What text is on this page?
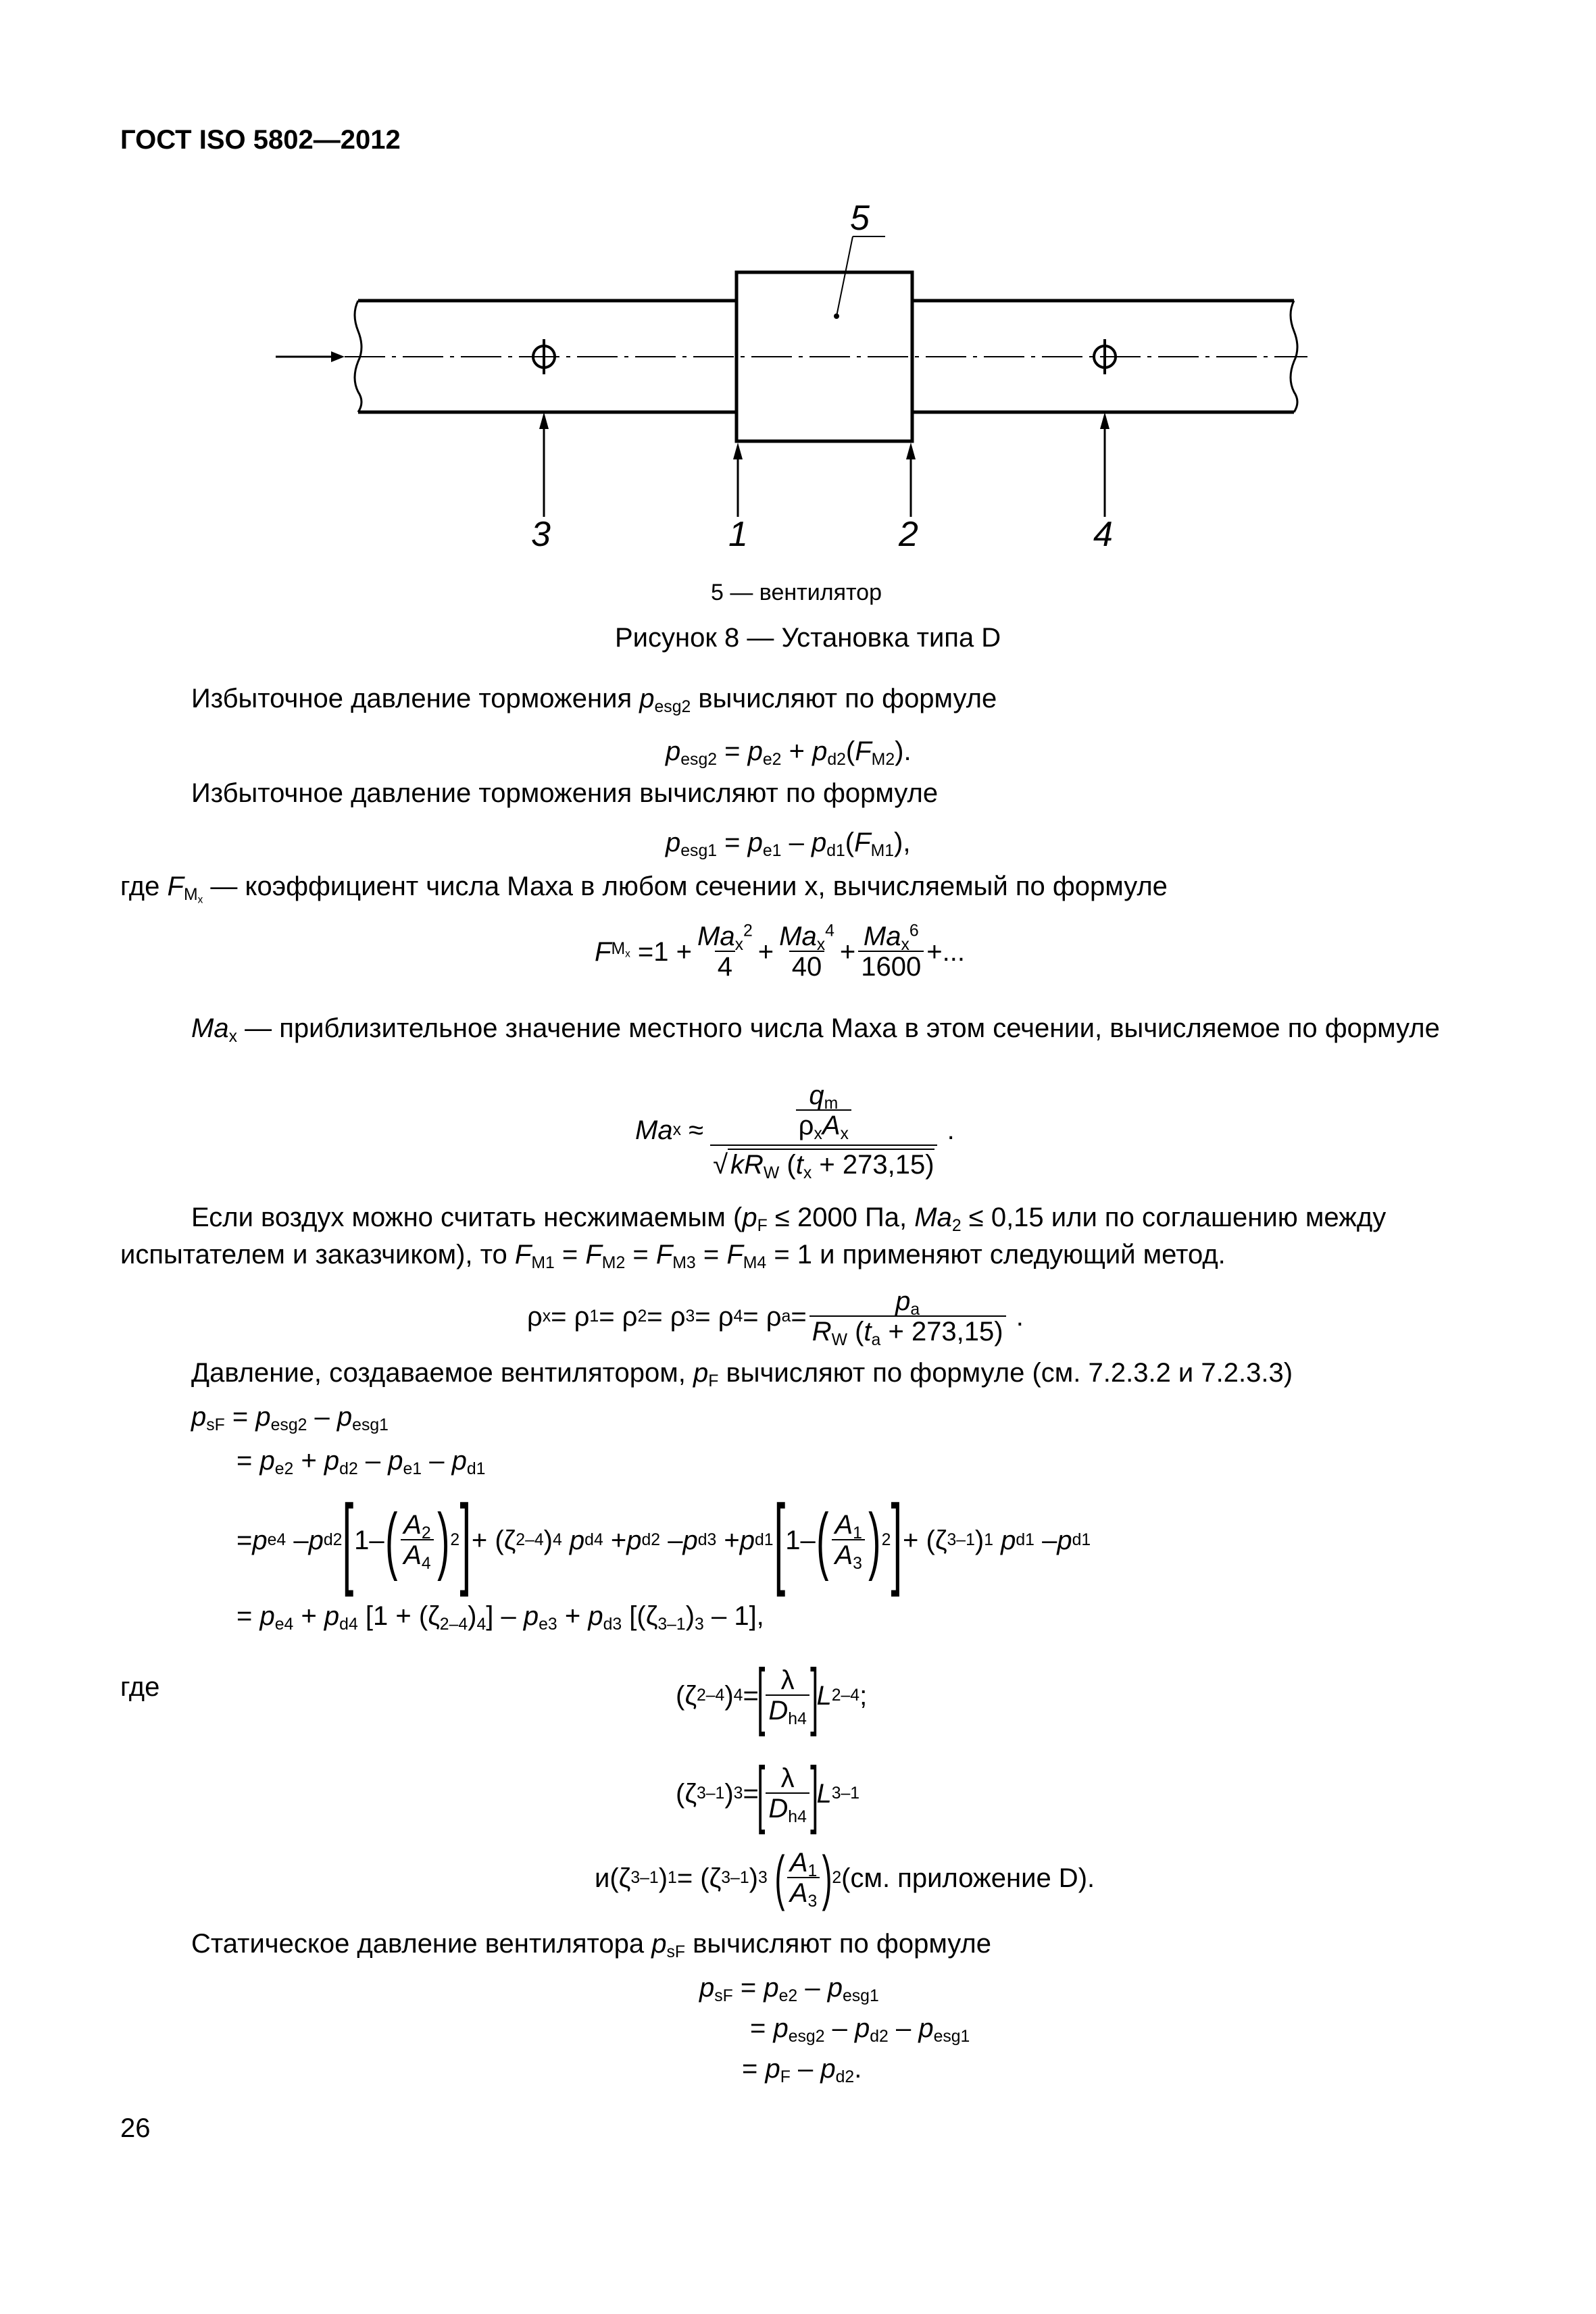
ГОСТ ISO 5802—2012
5
3	1	2	4
5 — вентилятор
Рисунок 8 — Установка типа D
Избыточное давление торможения $p_{esg2}$ вычисляют по формуле
$p_{esg2} = p_{e2} + p_{d2}(F_{M2})$.
Избыточное давление торможения вычисляют по формуле
$p_{esg1} = p_{e1} - p_{d1}(F_{M1})$,
где $F_{M_x}$ — коэффициент числа Маха в любом сечении x, вычисляемый по формуле
F $M_x = 1 + \frac{Ma_x^2}{4} + \frac{Ma_x^4}{40} + \frac{Ma_x^6}{1600}$ +...
$Ma_x$ — приблизительное значение местного числа Маха в этом сечении, вычисляемое по формуле
Ma $x \approx \frac{\frac{q_m}{\rho_xA_x}}{√ kR_W (t_x + 273,15)}$ .
Если воздух можно считать несжимаемым ($p_F \le 2000$ Па, $Ma_2 \le 0,15$ или по соглашению между
испытателем и заказчиком), то $F_{M1} = F_{M2} = F_{M3} = F_{M4} = 1$ и применяют следующий метод.
ρ x = ρ 1 = ρ 2 = ρ 3 = ρ 4 = ρ $a = \frac{p_a}{R_W (t_a + 273,15)}$ .
Давление, создаваемое вентилятором, $p_F$ вычисляют по формуле (см. 7.2.3.2 и 7.2.3.3)
$p_{sF} = p_{esg2} - p_{esg1}$
= $p_{e2} + p_{d2} - p_{e1} - p_{d1}$
= p e4 – p d2 [ 1– ( $\frac{A_2}{A_4}$ ) 2 ] + (ζ 2–4 ) 4
p d4 + p d2 – p d3 + p d1 [ 1– ( $\frac{A_1}{A_3}$ ) 2 ] + (ζ 3–1 ) 1
p d1 – p d1
= $p_{e4} + p_{d4}$ $[1 + (\zeta_{2-4})_4] - p_{e3} + p_{d3}$ $[(\zeta_{3-1})_3 - 1]$,
где	(ζ 2–4 ) 4 =
[ $\frac{\lambda}{D_{h4}}$ ]
L 2–4 ;
(ζ 3–1 ) 3 =
[ $\frac{\lambda}{D_{h4}}$ ]
L 3–1
и (ζ 3–1 ) 1 = (ζ 3–1 ) 3
( $\frac{A_1}{A_3}$ ) 2 (см. приложение D).
Статическое давление вентилятора $p_{sF}$ вычисляют по формуле
$p_{sF} = p_{e2} - p_{esg1}$
= $p_{esg2} - p_{d2} - p_{esg1}$
= $p_F - p_{d2}$.
26
